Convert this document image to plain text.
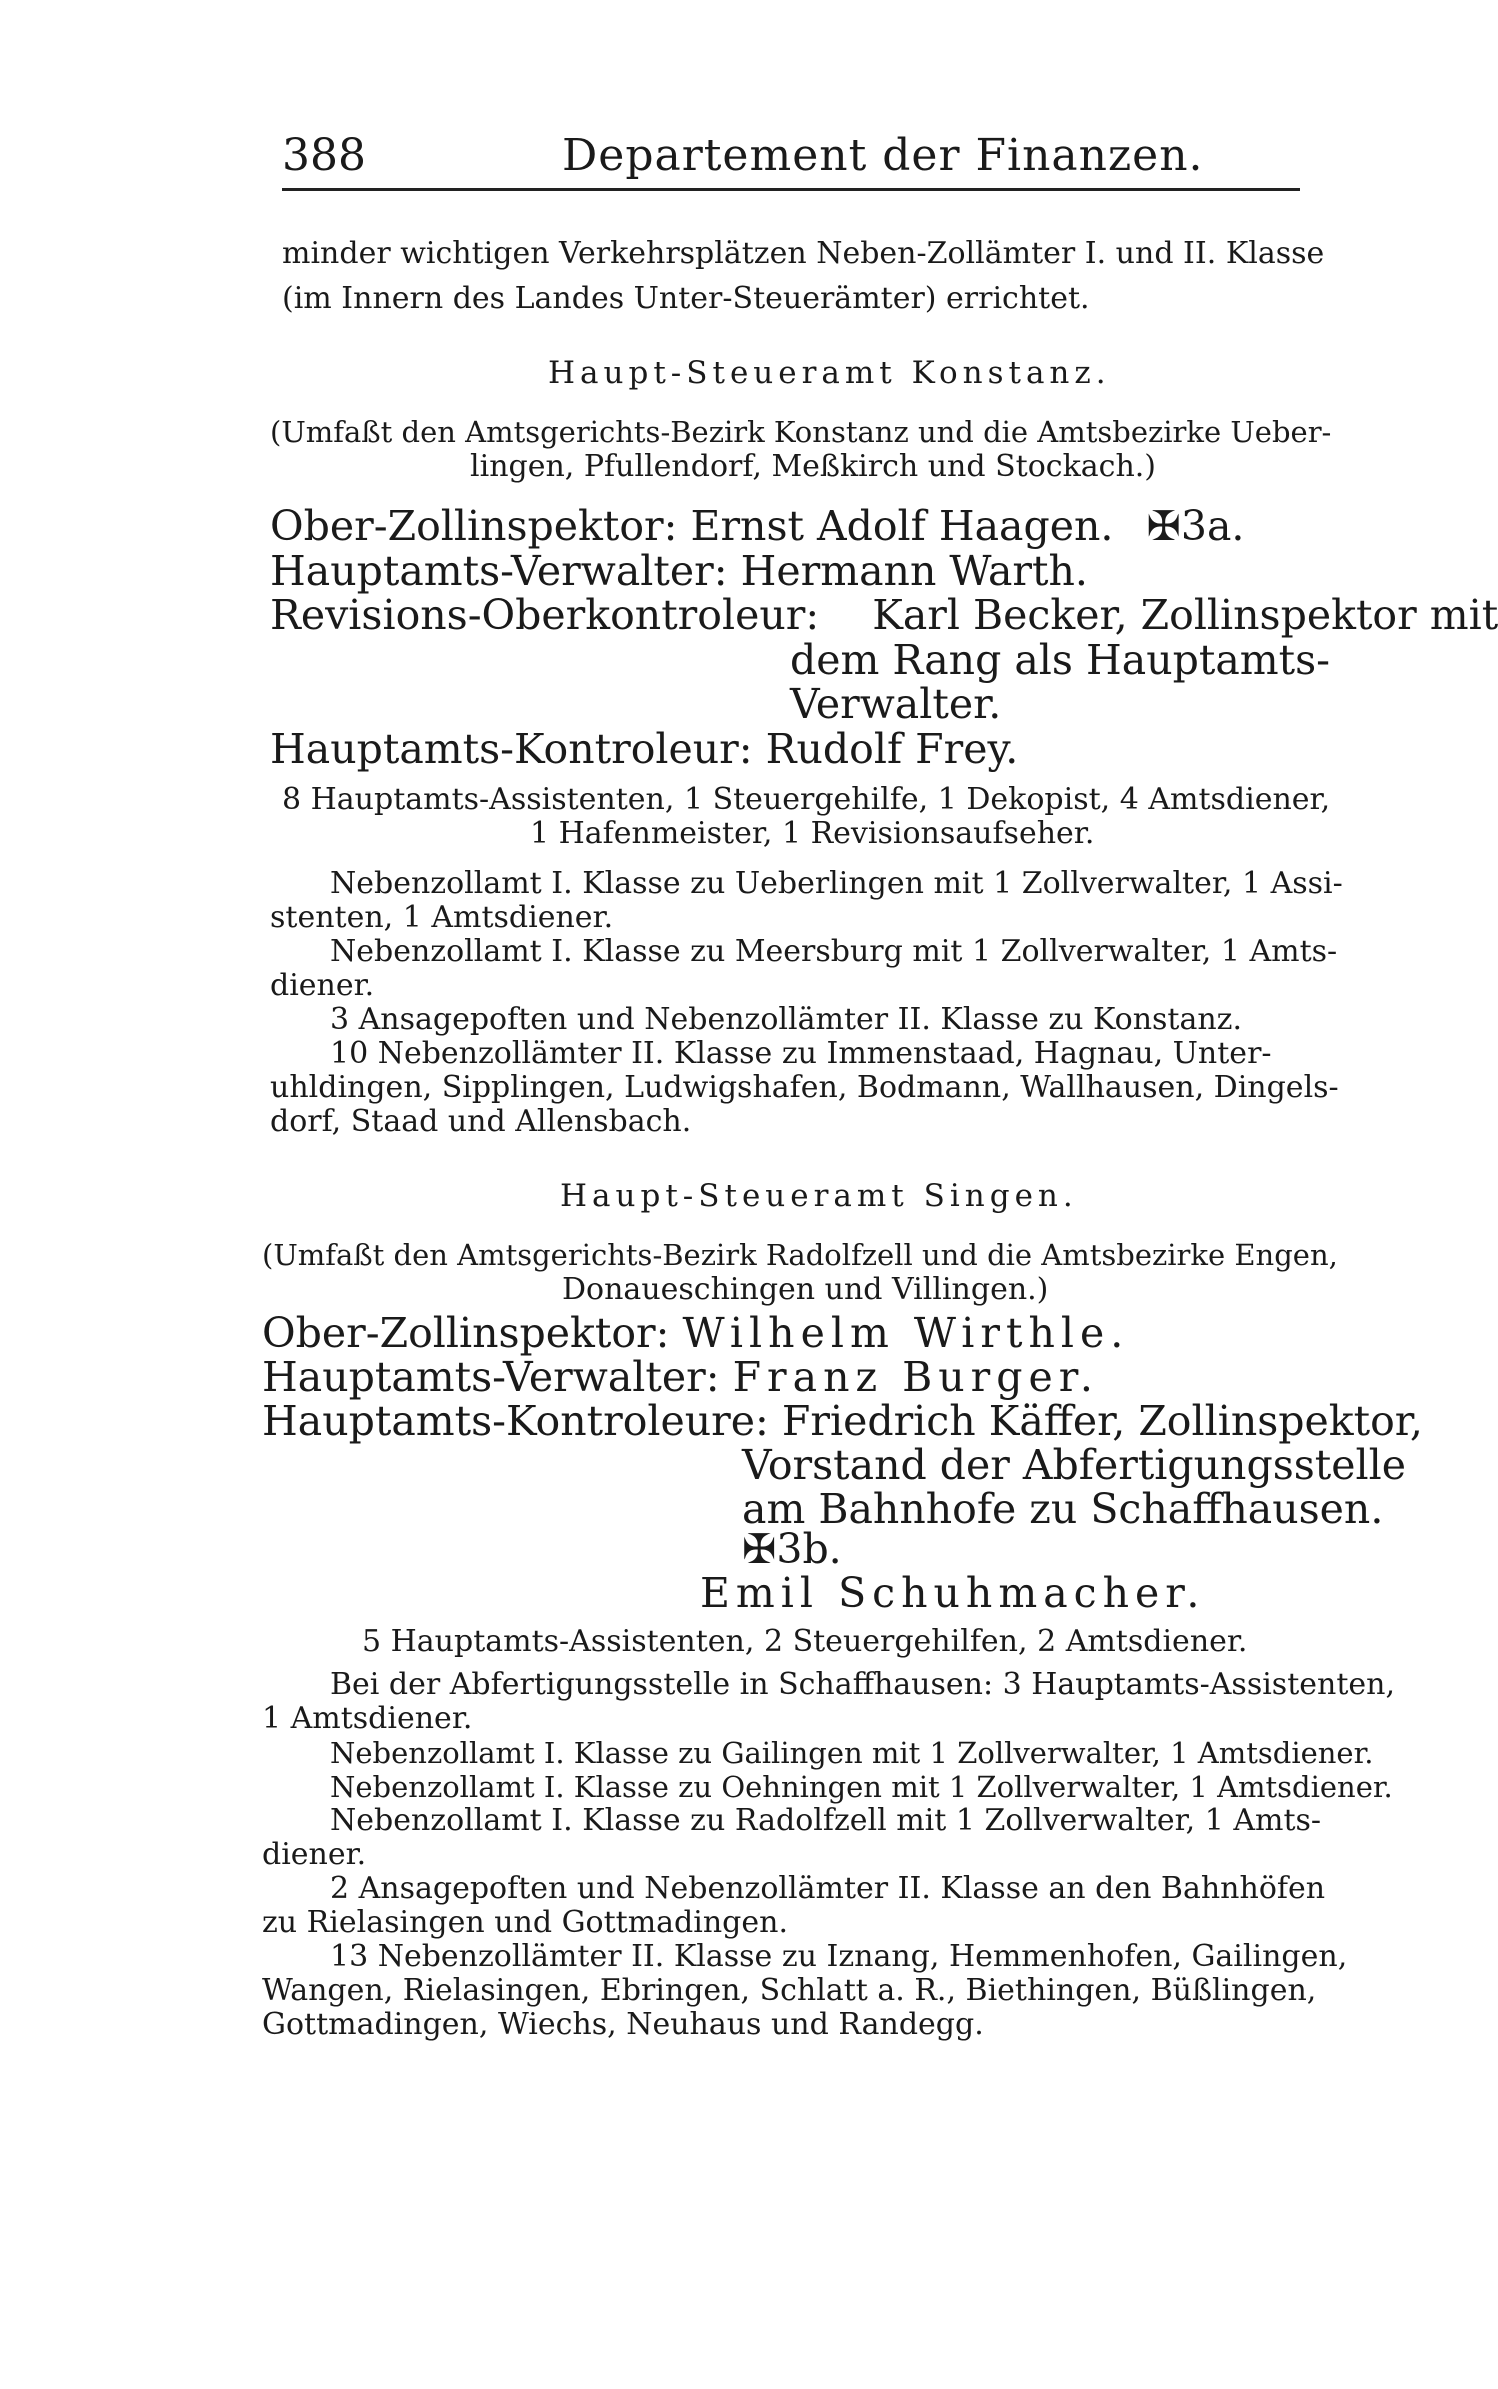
388	Departement der Finanzen.
minder wichtigen Verkehrsplätzen Neben-Zollämter I. und II. Klasse
(im Innern des Landes Unter-Steuerämter) errichtet.
Haupt-Steueramt Konstanz.
(Umfaßt den Amtsgerichts-Bezirk Konstanz und die Amtsbezirke Ueber-
lingen, Pfullendorf, Meßkirch und Stockach.)
Ober-Zollinspektor: Ernst Adolf Haagen. ✠3a.
Hauptamts-Verwalter: Hermann Warth.
Revisions-Oberkontroleur: Karl Becker, Zollinspektor mit
dem Rang als Hauptamts-
Verwalter.
Hauptamts-Kontroleur: Rudolf Frey.
8 Hauptamts-Assistenten, 1 Steuergehilfe, 1 Dekopist, 4 Amtsdiener,
1 Hafenmeister, 1 Revisionsaufseher.
Nebenzollamt I. Klasse zu Ueberlingen mit 1 Zollverwalter, 1 Assi-
stenten, 1 Amtsdiener.
Nebenzollamt I. Klasse zu Meersburg mit 1 Zollverwalter, 1 Amts-
diener.
3 Ansagepoften und Nebenzollämter II. Klasse zu Konstanz.
10 Nebenzollämter II. Klasse zu Immenstaad, Hagnau, Unter-
uhldingen, Sipplingen, Ludwigshafen, Bodmann, Wallhausen, Dingels-
dorf, Staad und Allensbach.
Haupt-Steueramt Singen.
(Umfaßt den Amtsgerichts-Bezirk Radolfzell und die Amtsbezirke Engen,
Donaueschingen und Villingen.)
Ober-Zollinspektor: Wilhelm Wirthle.
Hauptamts-Verwalter: Franz Burger.
Hauptamts-Kontroleure: Friedrich Käffer, Zollinspektor,
Vorstand der Abfertigungsstelle
am Bahnhofe zu Schaffhausen.
✠3b.
Emil Schuhmacher.
5 Hauptamts-Assistenten, 2 Steuergehilfen, 2 Amtsdiener.
Bei der Abfertigungsstelle in Schaffhausen: 3 Hauptamts-Assistenten,
1 Amtsdiener.
Nebenzollamt I. Klasse zu Gailingen mit 1 Zollverwalter, 1 Amtsdiener.
Nebenzollamt I. Klasse zu Oehningen mit 1 Zollverwalter, 1 Amtsdiener.
Nebenzollamt I. Klasse zu Radolfzell mit 1 Zollverwalter, 1 Amts-
diener.
2 Ansagepoften und Nebenzollämter II. Klasse an den Bahnhöfen
zu Rielasingen und Gottmadingen.
13 Nebenzollämter II. Klasse zu Iznang, Hemmenhofen, Gailingen,
Wangen, Rielasingen, Ebringen, Schlatt a. R., Biethingen, Büßlingen,
Gottmadingen, Wiechs, Neuhaus und Randegg.
